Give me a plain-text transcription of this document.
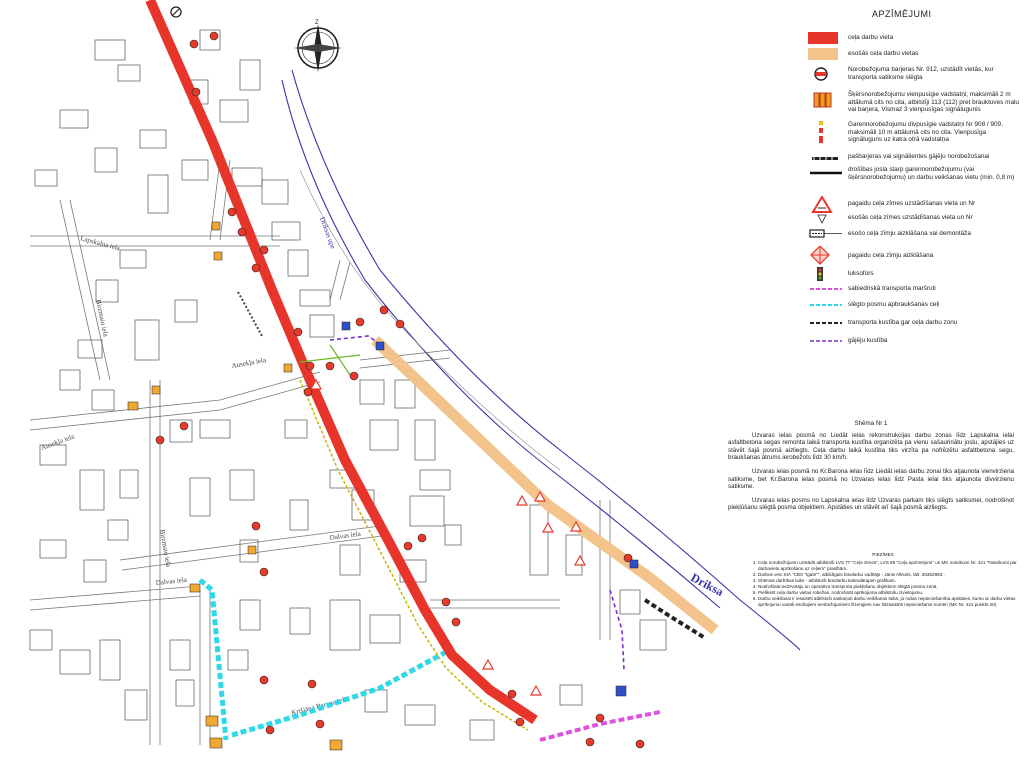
Driksa
Driksas upe
Lapskalna iela
Birzmaiu iela
Ausekļa iela
Ausekļa iela
Dalvas iela
Dalvas iela
Birzmaiu iela
Krišjāņa Barona iela
Z
APZĪMĒJUMI
ceļa darbu vieta
esošās ceļa darbu vietas
Norobežojuma barjeras Nr. 912, uzstādīt vietās, kur transporta satiksme slēgta
Šķērsnorobežojumu vienpusīgie vadstatņi; maksimāli 2 m attālumā cits no cita, atbilstīji 113 (112) pret brauktuves malu vai barjera, Vismaz 3 vienpusīgas signālugunis
Garennorobežojumu divpusīgie vadstatņi Nr 908 / 909, maksimāli 10 m attālumā cits no cita. Vienpusīga signāluguns uz katra otrā vadstatņa
pašbarjeras vai signālientes gājēju norobežošanai
drošības josla starp garennorobežojumu (vai šķērsnorobežojumu) un darbu veikšanas vietu (min. 0,8 m)
pagaidu ceļa zīmes uzstādīšanas vieta un Nr
esošās ceļa zīmes uzstādīšanas vieta un Nr
esošo ceļa zīmju aizklāšana vai demontāža
pagaidu ceļa zīmju aizklāšana
luksofors
sabiedriskā transporta maršruti
slēgto posmu apbraukšanas ceļi
transporta kustība gar ceļa darbu zonu
gājēju kustība

Shēma Nr 1

Uzvaras ielas posmā no Liedāt ielas rekonstrukcijas darbu zonas līdz Lapskalna ielai asfaltbetona segas remonta laikā transporta kustība organizēta pa vienu sašaurinātu joslu, apstājies uz stāvēt šajā posmā aizliegts. Ceļa darbu laikā kustība tiks virzīta pa nofrēzētu asfaltbetona segu, braukšanas ātrums ierobežots līdz 30 km/h.

Uzvaras ielas posmā no Kr.Barona ielas līdz Liedāt ielas darbu zonai tiks atjaunota vienvirziena satiksme, bet Kr.Barona ielas posmā no Uzvaras ielas līdz Pasta ielai tiks atjaunota divvirzienu satiksme.

Uzvaras ielas posms no Lapskalna ielas līdz Uzvaras parkam tiks slēgts satiksmei, nodrošinot piekļūšanu slēgtā posma objektiem. Apstāties un stāvēt arī šajā posmā aizliegts.

PIEZĪMES
1. Ceļa norobežojumu uzstādīt atbilstoši LVS 77 "Ceļa zīmes", LVS 85 "Ceļa apzīmējumi" un MK noteikumi Nr. 421 "Noteikumi par darbavietu aprīkošanu uz ceļiem" prasībām.
2. Darbus veic SIA "CBS "Igate"", atbildīgais būvdarbu vadītājs - Jānis Alksnis, tālr. 26362983 .
3. Shēmas darbības laiks - atbilstoši būvdarbu kalendārajam grafikam.
4. Nodrošināt iedzīvotāju un operatīvo transporta piekļūšanu objektiem slēgtā posma zonā.
5. Piefiksēt ceļa darbu vietas robežas, nodrošināt aprīkojuma atbilstošu izvietojumu.
6. Darbu veikšanai ir iesaistīti atbilstoši saskaņoti darbu veikšanas laikā, ja rodas nepieciešamība apstāties, kursu ar darbu vietas aprīkojumu vairāk esošajiem ierobežojumiem Ēzerajiem nav līdzsaistīts nepieciešams nomēri (MK Nr. 421 punkts 20).
